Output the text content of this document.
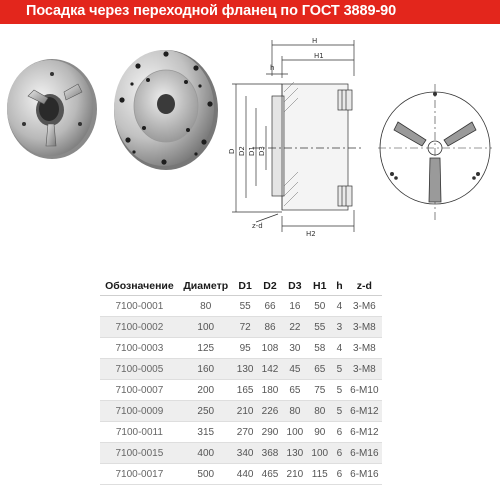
Посадка через переходной фланец по ГОСТ 3889-90
H
H1
h
H2
z-d
D D2 D1 D3
Обозначение	Диаметр	D1	D2	D3	H1	h	z-d
7100-0001	80	55	66	16	50	4	3-M6
7100-0002	100	72	86	22	55	3	3-M8
7100-0003	125	95	108	30	58	4	3-M8
7100-0005	160	130	142	45	65	5	3-M8
7100-0007	200	165	180	65	75	5	6-M10
7100-0009	250	210	226	80	80	5	6-M12
7100-0011	315	270	290	100	90	6	6-M12
7100-0015	400	340	368	130	100	6	6-M16
7100-0017	500	440	465	210	115	6	6-M16
